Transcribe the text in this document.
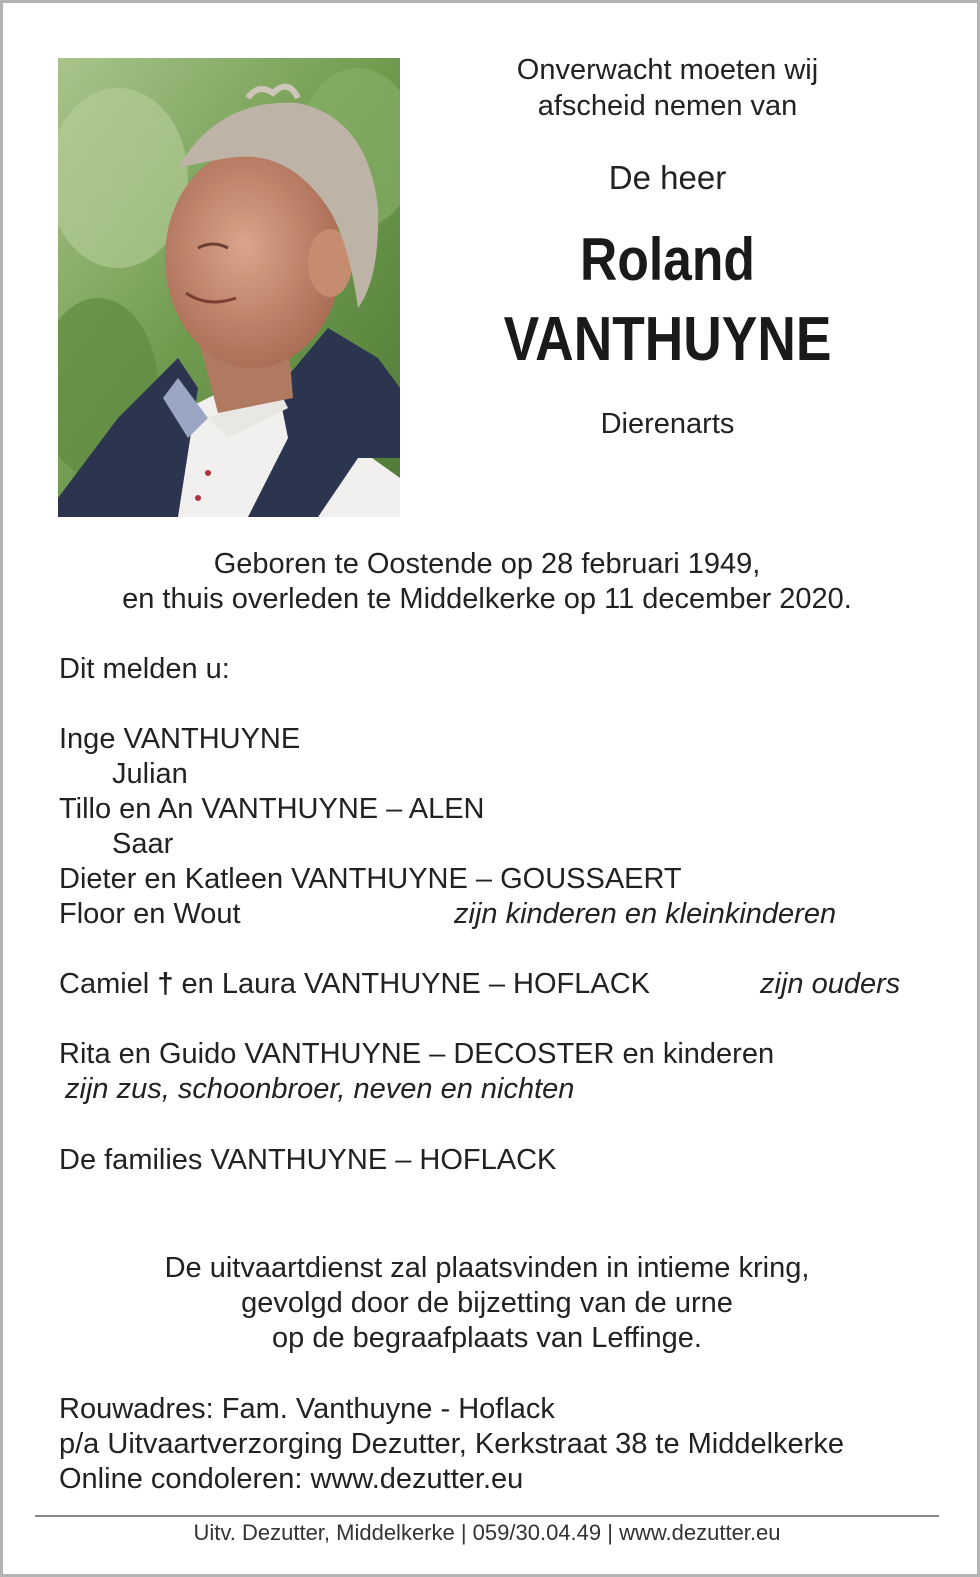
Onverwacht moeten wij
afscheid nemen van
De heer
Roland
VANTHUYNE
Dierenarts
Geboren te Oostende op 28 februari 1949,
en thuis overleden te Middelkerke op 11 december 2020.
Dit melden u:
Inge VANTHUYNE
Julian
Tillo en An VANTHUYNE – ALEN
Saar
Dieter en Katleen VANTHUYNE – GOUSSAERT
Floor en Wout	zijn kinderen en kleinkinderen
Camiel † en Laura VANTHUYNE – HOFLACK	zijn ouders
Rita en Guido VANTHUYNE – DECOSTER en kinderen
zijn zus, schoonbroer, neven en nichten
De families VANTHUYNE – HOFLACK
De uitvaartdienst zal plaatsvinden in intieme kring,
gevolgd door de bijzetting van de urne
op de begraafplaats van Leffinge.
Rouwadres: Fam. Vanthuyne - Hoflack
p/a Uitvaartverzorging Dezutter, Kerkstraat 38 te Middelkerke
Online condoleren: www.dezutter.eu
Uitv. Dezutter, Middelkerke | 059/30.04.49 | www.dezutter.eu
